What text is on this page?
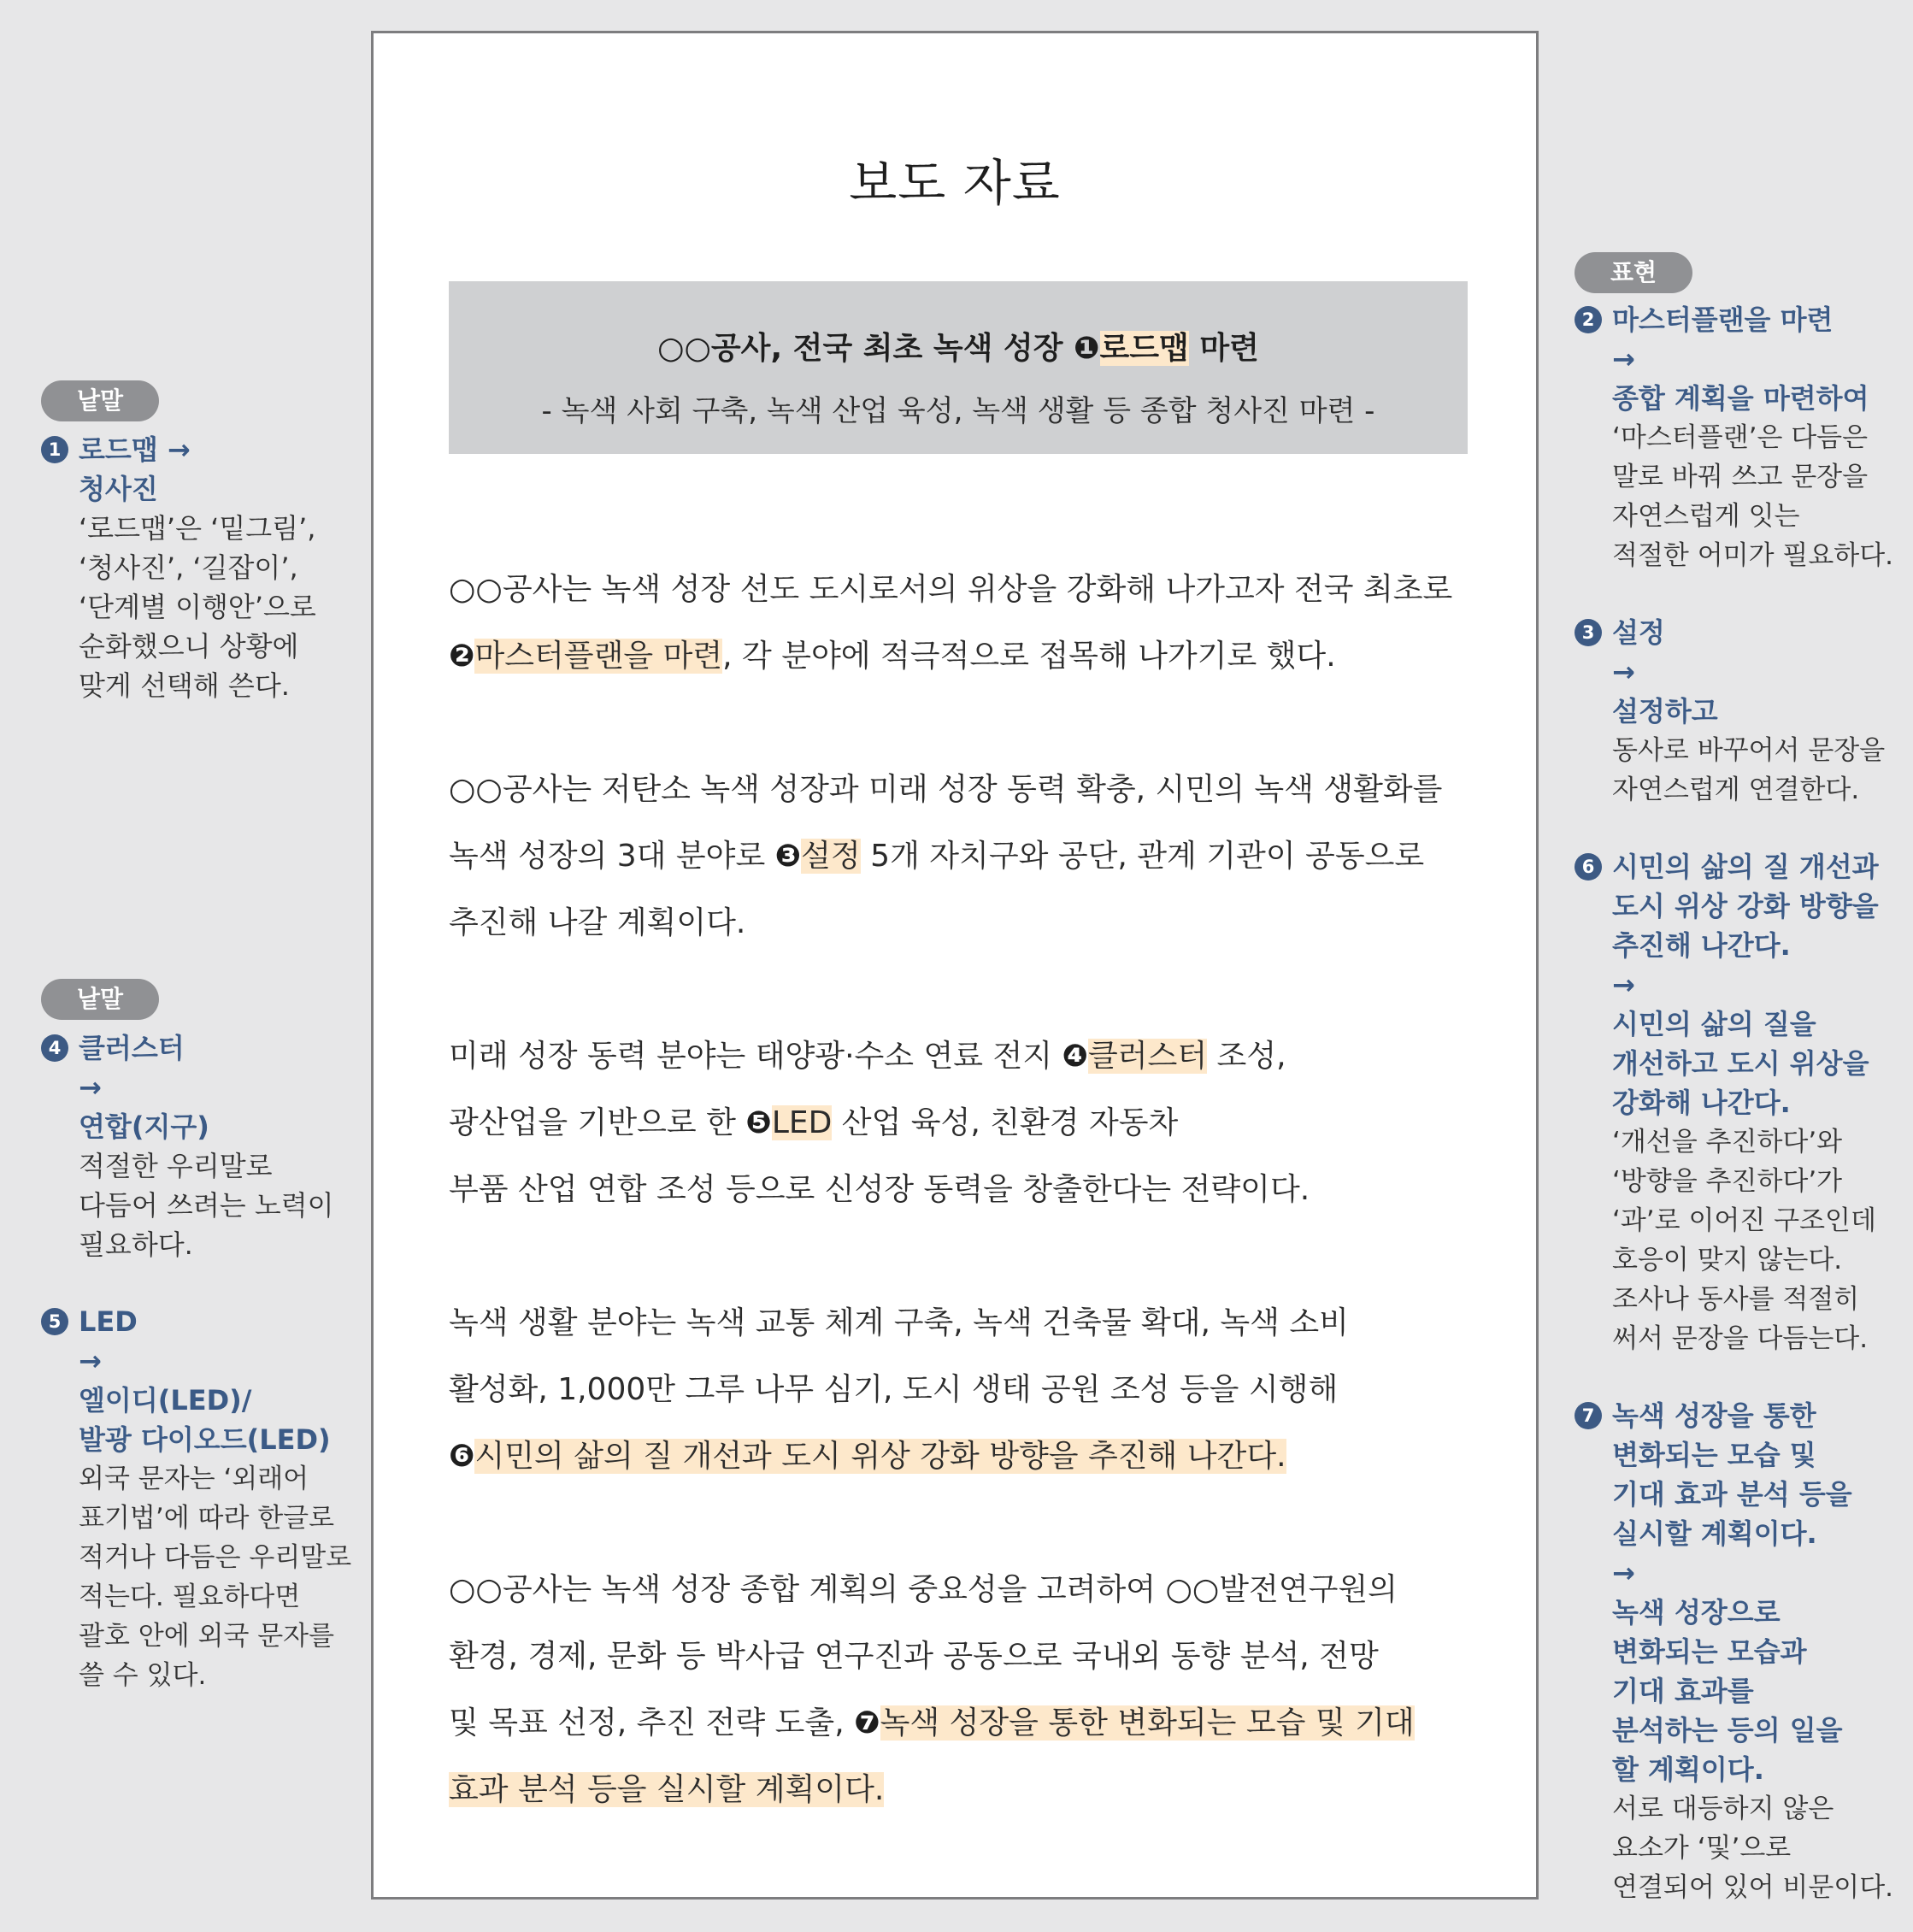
보도 자료
○○공사, 전국 최초 녹색 성장 ❶로드맵 마련
- 녹색 사회 구축, 녹색 산업 육성, 녹색 생활 등 종합 청사진 마련 -
○○공사는 녹색 성장 선도 도시로서의 위상을 강화해 나가고자 전국 최초로
❷마스터플랜을 마련, 각 분야에 적극적으로 접목해 나가기로 했다.
○○공사는 저탄소 녹색 성장과 미래 성장 동력 확충, 시민의 녹색 생활화를
녹색 성장의 3대 분야로 ❸설정 5개 자치구와 공단, 관계 기관이 공동으로
추진해 나갈 계획이다.
미래 성장 동력 분야는 태양광·수소 연료 전지 ❹클러스터 조성,
광산업을 기반으로 한 ❺LED 산업 육성, 친환경 자동차
부품 산업 연합 조성 등으로 신성장 동력을 창출한다는 전략이다.
녹색 생활 분야는 녹색 교통 체계 구축, 녹색 건축물 확대, 녹색 소비
활성화, 1,000만 그루 나무 심기, 도시 생태 공원 조성 등을 시행해
❻시민의 삶의 질 개선과 도시 위상 강화 방향을 추진해 나간다.
○○공사는 녹색 성장 종합 계획의 중요성을 고려하여 ○○발전연구원의
환경, 경제, 문화 등 박사급 연구진과 공동으로 국내외 동향 분석, 전망
및 목표 선정, 추진 전략 도출, ❼녹색 성장을 통한 변화되는 모습 및 기대
효과 분석 등을 실시할 계획이다.
낱말
1 로드맵 →
청사진
‘로드맵’은 ‘밑그림’,
‘청사진’, ‘길잡이’,
‘단계별 이행안’으로
순화했으니 상황에
맞게 선택해 쓴다.
낱말
4 클러스터
→
연합(지구)
적절한 우리말로
다듬어 쓰려는 노력이
필요하다.
5 LED
→
엘이디(LED)/
발광 다이오드(LED)
외국 문자는 ‘외래어
표기법’에 따라 한글로
적거나 다듬은 우리말로
적는다. 필요하다면
괄호 안에 외국 문자를
쓸 수 있다.
표현
2 마스터플랜을 마련
→
종합 계획을 마련하여
‘마스터플랜’은 다듬은
말로 바꿔 쓰고 문장을
자연스럽게 잇는
적절한 어미가 필요하다.
3 설정
→
설정하고
동사로 바꾸어서 문장을
자연스럽게 연결한다.
6 시민의 삶의 질 개선과
도시 위상 강화 방향을
추진해 나간다.
→
시민의 삶의 질을
개선하고 도시 위상을
강화해 나간다.
‘개선을 추진하다’와
‘방향을 추진하다’가
‘과’로 이어진 구조인데
호응이 맞지 않는다.
조사나 동사를 적절히
써서 문장을 다듬는다.
7 녹색 성장을 통한
변화되는 모습 및
기대 효과 분석 등을
실시할 계획이다.
→
녹색 성장으로
변화되는 모습과
기대 효과를
분석하는 등의 일을
할 계획이다.
서로 대등하지 않은
요소가 ‘및’으로
연결되어 있어 비문이다.
